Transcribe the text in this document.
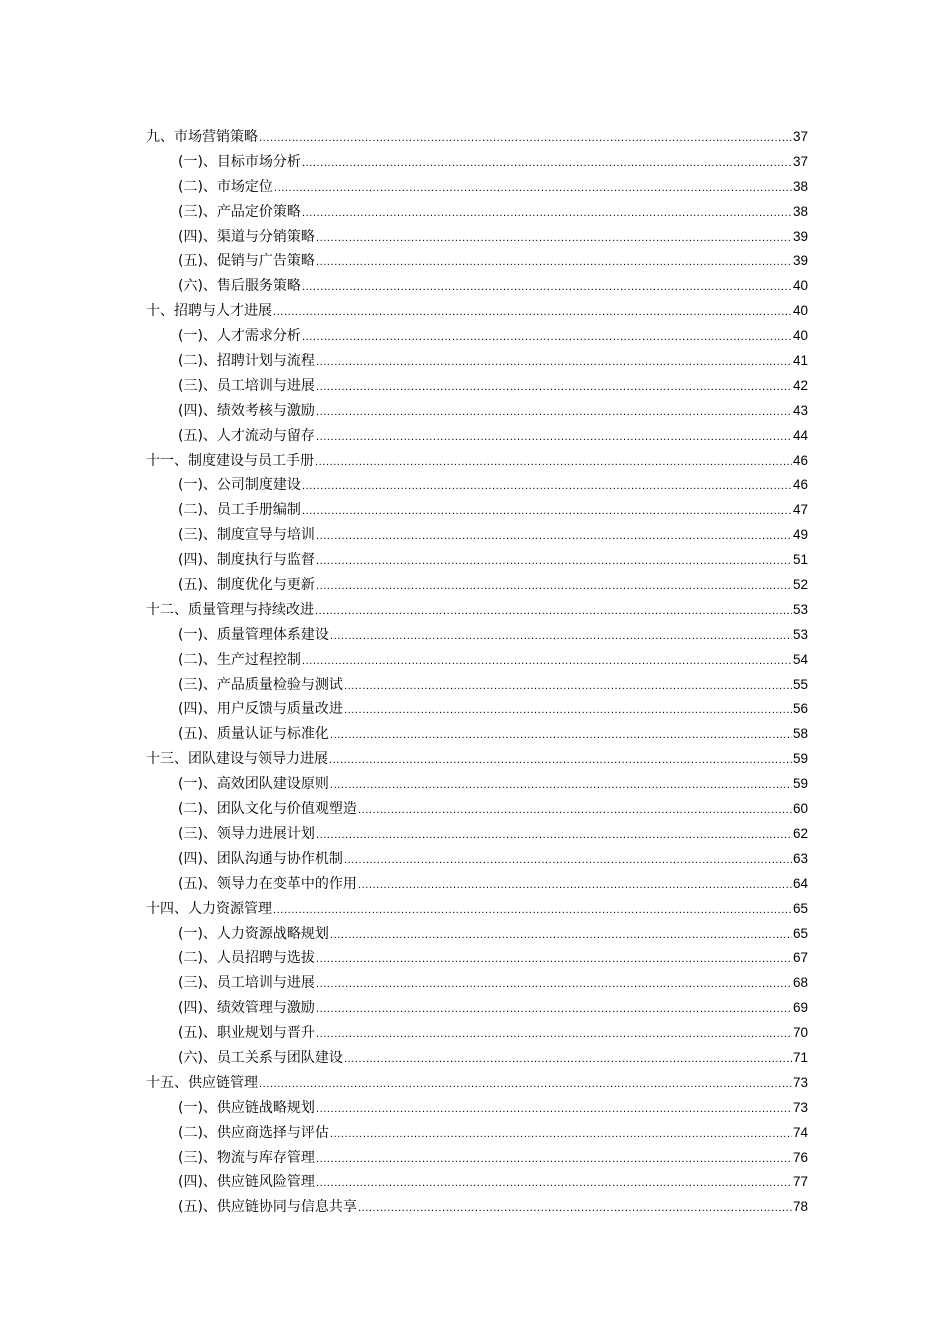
九、市场营销策略 .....	37
(一)、目标市场分析 .....	37
(二)、市场定位 .....	38
(三)、产品定价策略 .....	38
(四)、渠道与分销策略 .....	39
(五)、促销与广告策略 .....	39
(六)、售后服务策略 .....	40
十、招聘与人才进展 .....	40
(一)、人才需求分析 .....	40
(二)、招聘计划与流程 .....	41
(三)、员工培训与进展 .....	42
(四)、绩效考核与激励 .....	43
(五)、人才流动与留存 .....	44
十一、制度建设与员工手册 .....	46
(一)、公司制度建设 .....	46
(二)、员工手册编制 .....	47
(三)、制度宣导与培训 .....	49
(四)、制度执行与监督 .....	51
(五)、制度优化与更新 .....	52
十二、质量管理与持续改进 .....	53
(一)、质量管理体系建设 .....	53
(二)、生产过程控制 .....	54
(三)、产品质量检验与测试 .....	55
(四)、用户反馈与质量改进 .....	56
(五)、质量认证与标准化 .....	58
十三、团队建设与领导力进展 .....	59
(一)、高效团队建设原则 .....	59
(二)、团队文化与价值观塑造 .....	60
(三)、领导力进展计划 .....	62
(四)、团队沟通与协作机制 .....	63
(五)、领导力在变革中的作用 .....	64
十四、人力资源管理 .....	65
(一)、人力资源战略规划 .....	65
(二)、人员招聘与选拔 .....	67
(三)、员工培训与进展 .....	68
(四)、绩效管理与激励 .....	69
(五)、职业规划与晋升 .....	70
(六)、员工关系与团队建设 .....	71
十五、供应链管理 .....	73
(一)、供应链战略规划 .....	73
(二)、供应商选择与评估 .....	74
(三)、物流与库存管理 .....	76
(四)、供应链风险管理 .....	77
(五)、供应链协同与信息共享 .....	78
